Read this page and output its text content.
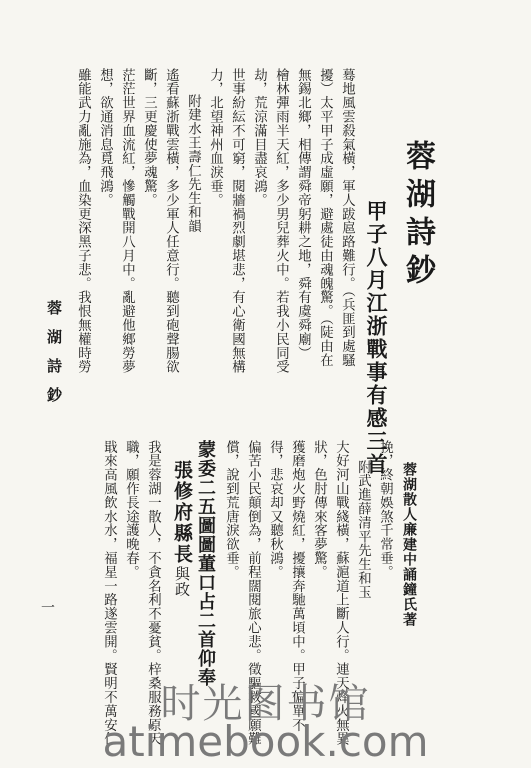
蓉湖詩鈔
甲子八月江浙戰事有感三首
蓦地風雲殺氣橫，軍人跋扈路難行。（兵匪到處騷
擾）太平甲子成虛願，避處徒由魂魄驚。（陡由在
無錫北鄉，相傳謂舜帝躬耕之地，舜有虞舜廟）
檜林彈雨半天紅，多少男兒葬火中。若我小民同受
劫，荒涼滿目盡哀鴻。
世事紛紜不可窮，閱牆禍烈劇堪悲，有心衛國無構
力，北望神州血淚垂。
附建水王壽仁先生和韻
遙看蘇浙戰雲橫，多少軍人任意行。聽到砲聲腸欲
斷，三更慶使夢魂驚。
茫茫世界血流紅，慘觸戰開八月中。亂避他鄉勞夢
想，欲通消息覓飛鴻。
雖能武力亂施為，血染更深黑子悲。我恨無權時勞
蓉湖詩鈔
蓉湖散人廉建中誦鐘氏著
挽，終朝娛煞千常垂。
附武進薛清平先生和玉
大好河山戰綫橫，蘇滬道上斷人行。連天烽火無異
狀，色肘傳來客夢驚。
獲磨炮火野燒紅，擾攘奔馳萬頃中。甲子偏單不
得，悲哀却又聽秋鴻。
偏苦小民顛倒為，前程闊閱旅心悲。徵驅救國願難
償，說到荒唐淚欲垂。
蒙委二五圖圖董口占二首仰奉
張修府縣長
與政
我是蓉湖一散人，不貪名利不憂貧。梓桑服務原天
職，願作長途護晚春。
戢來高風飲水水，福星一路遂雲開。賢明不萬安仁
一
时光图书馆
atimebook.com
